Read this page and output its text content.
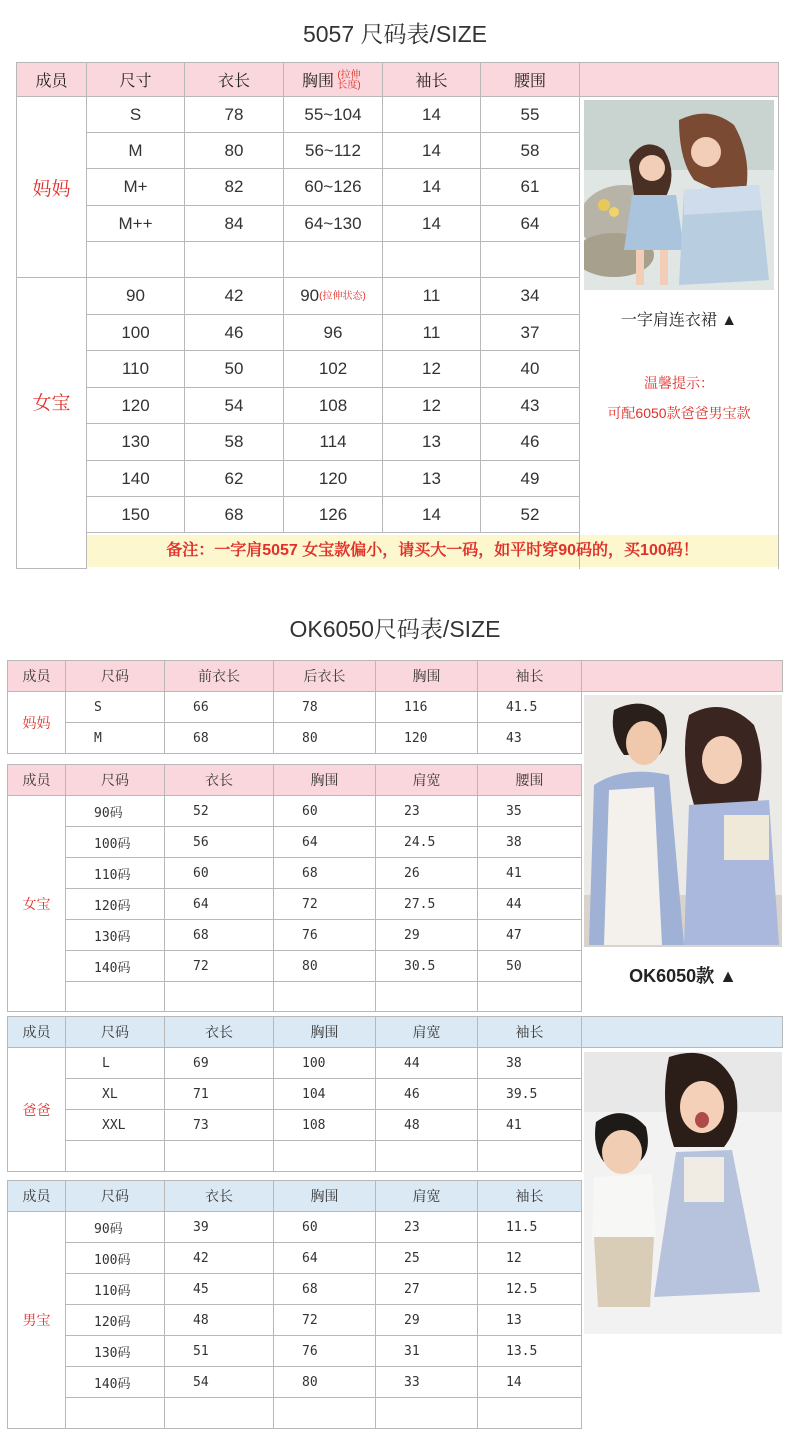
5057 尺码表/SIZE
成员	尺寸	衣长	胸围 (拉伸长度)	袖长	腰围	
妈妈	S	78	55~104	14	55	一字肩连衣裙 ▲
温馨提示：
可配6050款爸爸男宝款

	M	80	56~112	14	58	
	M+	82	60~126	14	61	
	M++	84	64~130	14	64	

女宝	90	42	90(拉伸状态)	11	34	
	100	46	96	11	37	
	110	50	102	12	40	
	120	54	108	12	43	
	130	58	114	13	46	
	140	62	120	13	49	
	150	68	126	14	52	

	备注：一字肩5057 女宝款偏小，请买大一码，如平时穿90码的，买100码！					
OK6050尺码表/SIZE
成员	尺码	前衣长	后衣长	胸围	袖长	
妈妈	S	66	78	116	41.5	
	M	68	80	120	43	
成员	尺码	衣长	胸围	肩宽	腰围	
女宝	90码	52	60	23	35	
	100码	56	64	24.5	38	
	110码	60	68	26	41	
	120码	64	72	27.5	44	
	130码	68	76	29	47	
	140码	72	80	30.5	50	
					OK6050款 ▲
成员	尺码	衣长	胸围	肩宽	袖长	
爸爸	L	69	100	44	38	
	XL	71	104	46	39.5	
	XXL	73	108	48	41	

成员	尺码	衣长	胸围	肩宽	袖长	
男宝	90码	39	60	23	11.5	
	100码	42	64	25	12	
	110码	45	68	27	12.5	
	120码	48	72	29	13	
	130码	51	76	31	13.5	
	140码	54	80	33	14	
